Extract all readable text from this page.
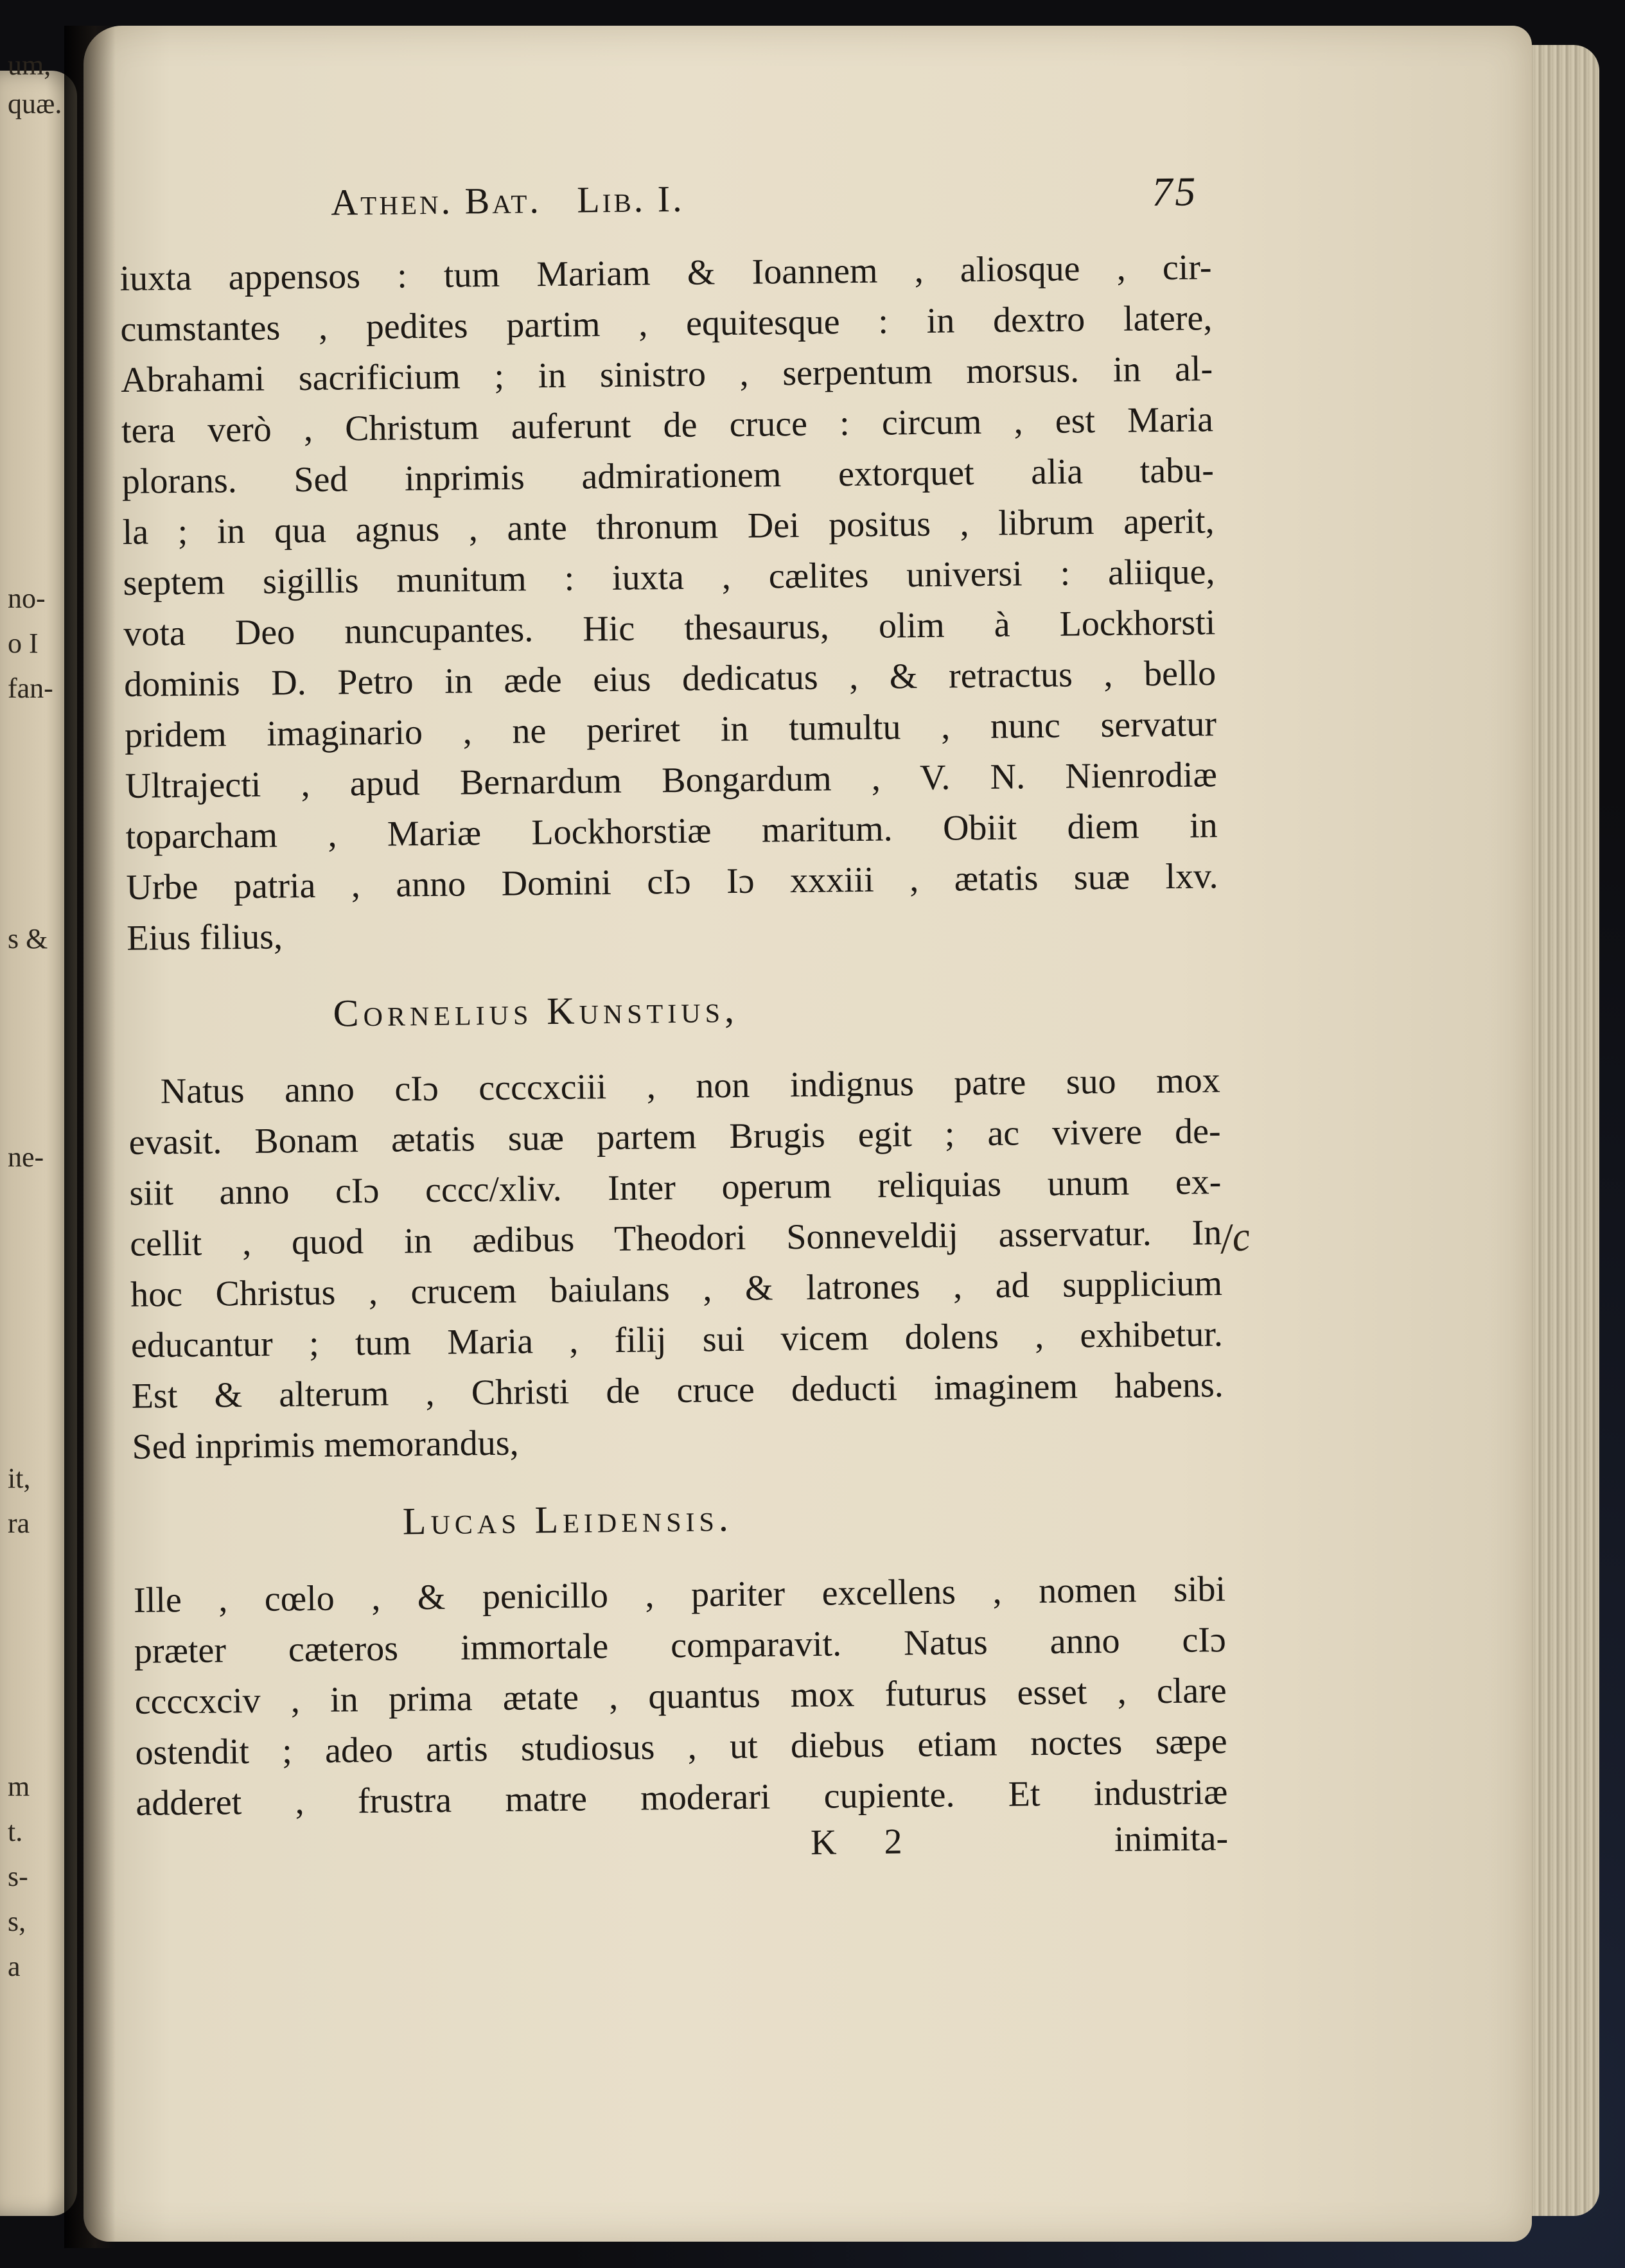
um,
quæ.
no-
o I
fan-
s &
ne-
it,
ra
m
t.
s-
s,
a
Athen. Bat.   Lib. I.	75

iuxta appensos : tum Mariam & Ioannem , aliosque , cir-

cumstantes , pedites partim , equitesque : in dextro latere,

Abrahami sacrificium ; in sinistro , serpentum morsus. in al-

tera verò , Christum auferunt de cruce : circum , est Maria

plorans. Sed inprimis admirationem extorquet alia tabu-

la ; in qua agnus , ante thronum Dei positus , librum aperit,

septem sigillis munitum : iuxta , cælites universi : aliique,

vota Deo nuncupantes. Hic thesaurus, olim à Lockhorsti

dominis D. Petro in æde eius dedicatus , & retractus , bello

pridem imaginario , ne periret in tumultu , nunc servatur

Ultrajecti , apud Bernardum Bongardum , V. N. Nienrodiæ

toparcham , Mariæ Lockhorstiæ maritum. Obiit diem in

Urbe patria , anno Domini cIɔ Iɔ xxxiii , ætatis suæ lxv.

Eius filius,

Cornelius Kunstius,

Natus anno cIɔ ccccxciii , non indignus patre suo mox

evasit. Bonam ætatis suæ partem Brugis egit ; ac vivere de-

siit anno cIɔ cccc/xliv. Inter operum reliquias unum ex-

cellit , quod in ædibus Theodori Sonneveldij asservatur. In

hoc Christus , crucem baiulans , & latrones , ad supplicium

educantur ; tum Maria , filij sui vicem dolens , exhibetur.

Est & alterum , Christi de cruce deducti imaginem habens.

Sed inprimis memorandus,

Lucas Leidensis.

Ille , cœlo , & penicillo , pariter excellens , nomen sibi

præter cæteros immortale comparavit. Natus anno cIɔ

ccccxciv , in prima ætate , quantus mox futurus esset , clare

ostendit ; adeo artis studiosus , ut diebus etiam noctes sæpe

adderet , frustra matre moderari cupiente. Et industriæ

K 2	inimita-
/c
